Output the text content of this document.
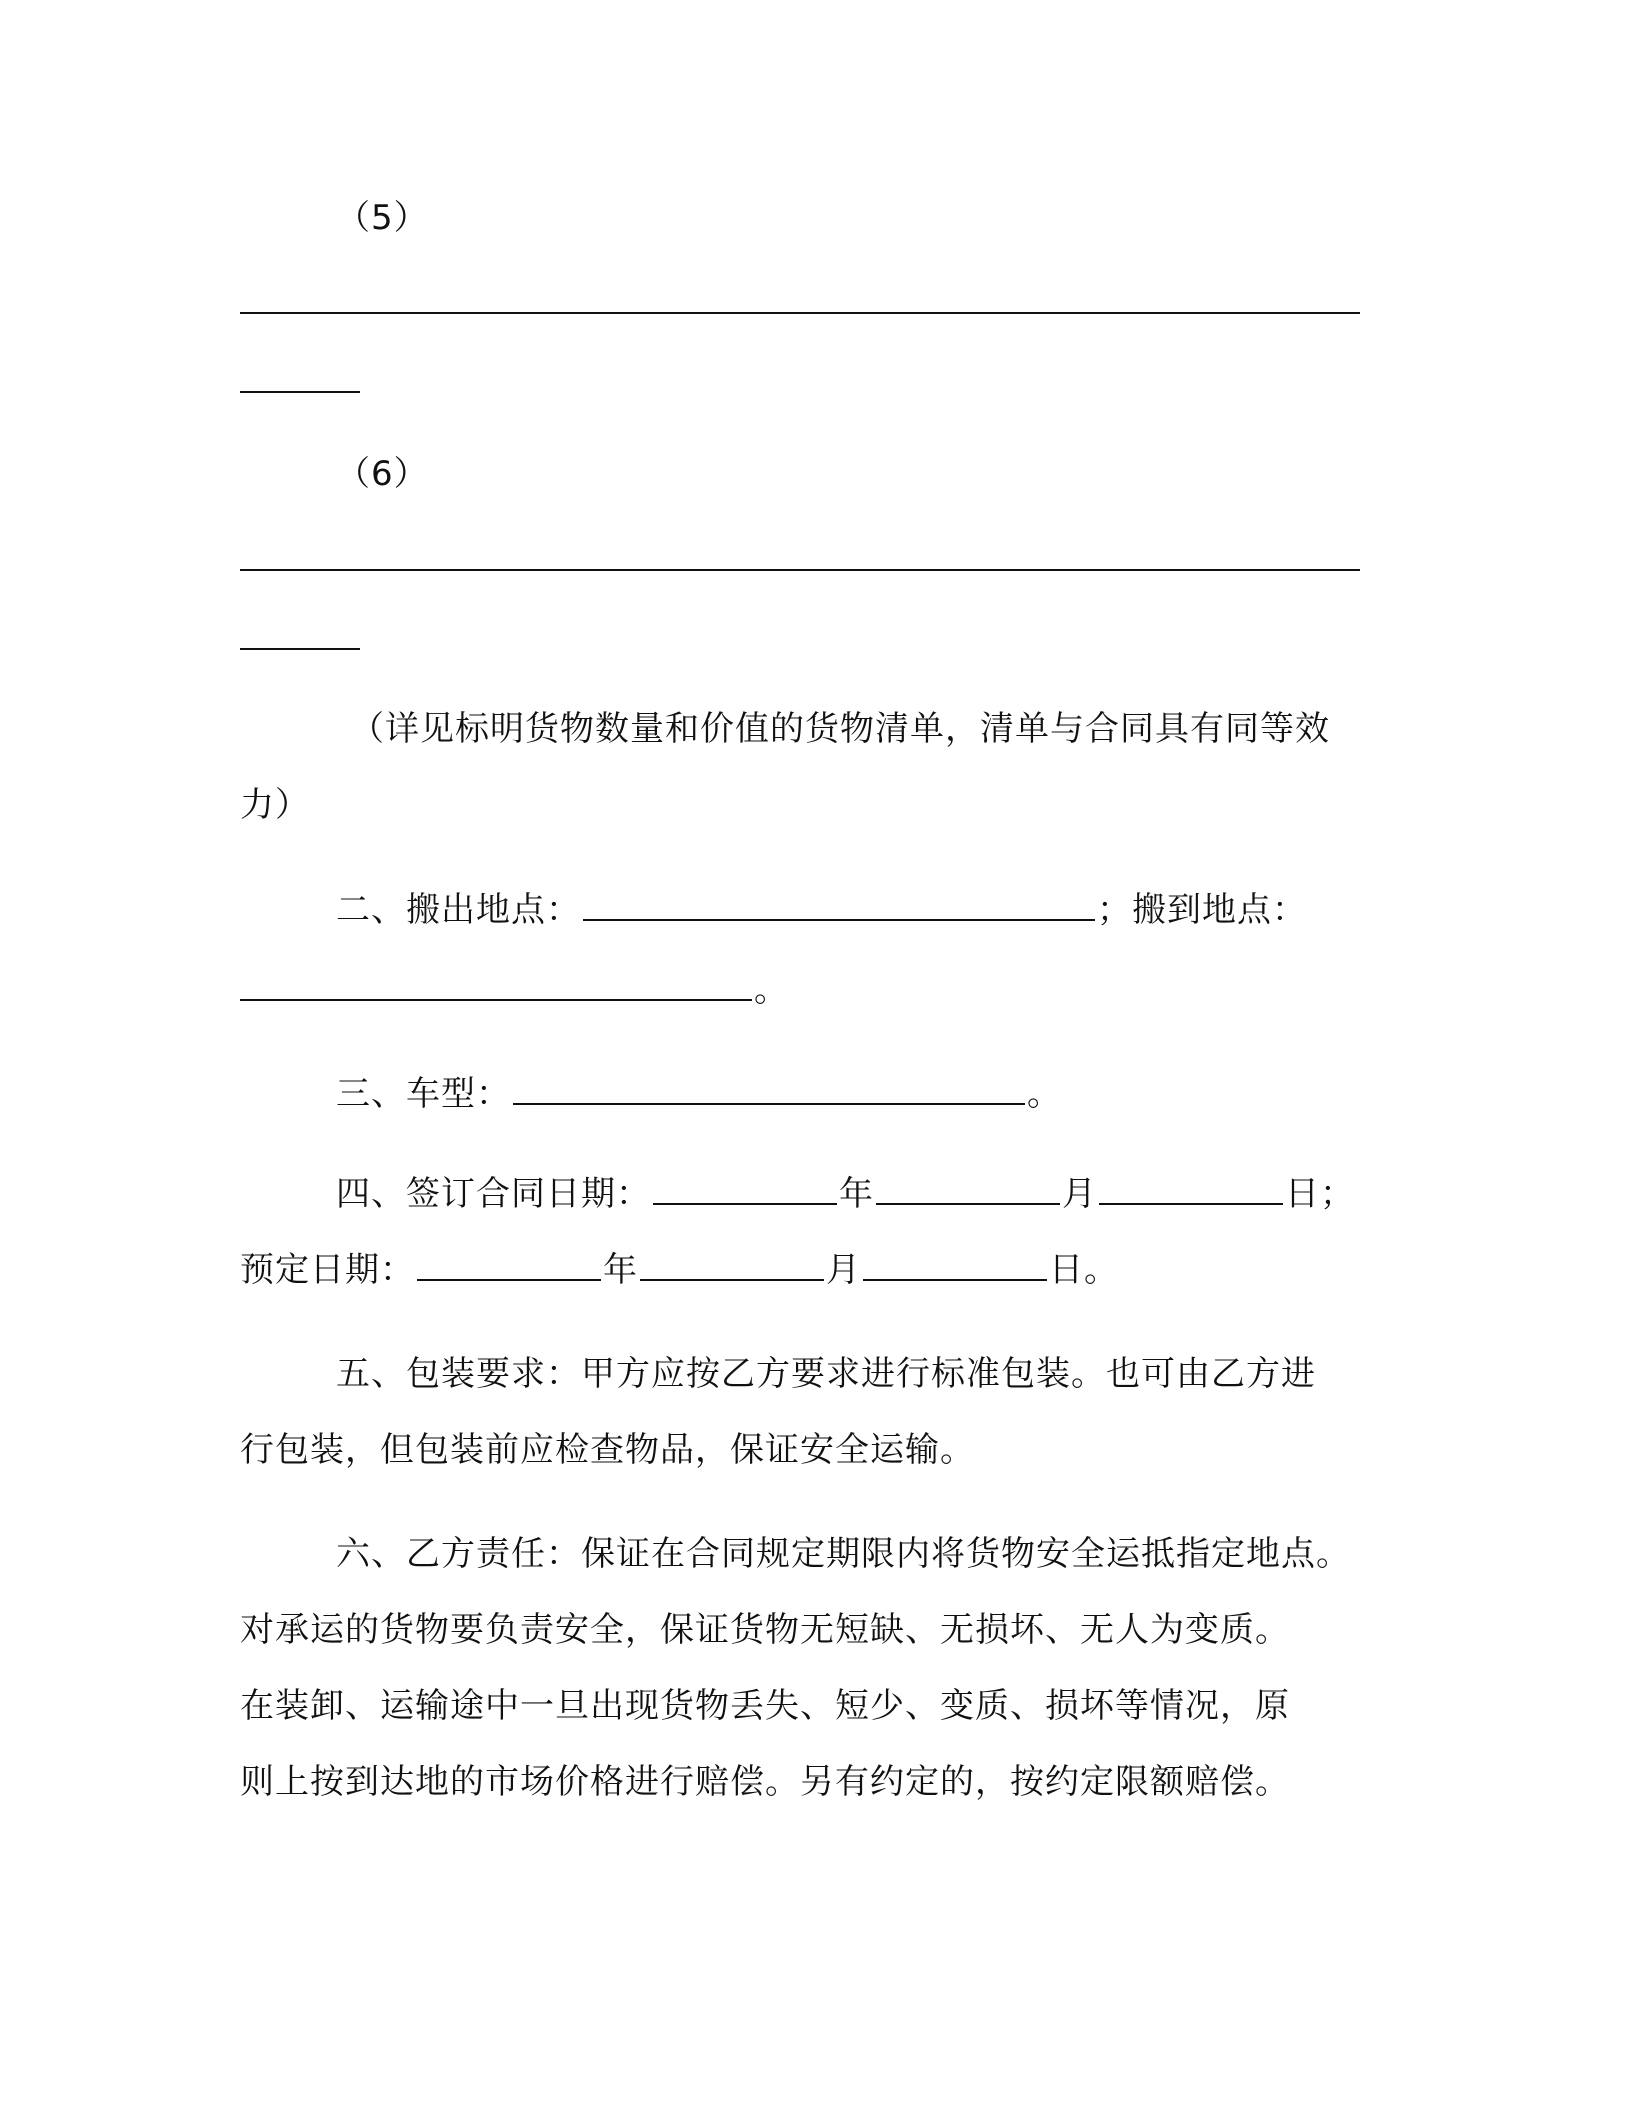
（5）
（6）
（详见标明货物数量和价值的货物清单，清单与合同具有同等效
力）
二、搬出地点：	；搬到地点：
。
三、车型：	。
四、签订合同日期：	年	月	日；
预定日期：	年	月	日。
五、包装要求：甲方应按乙方要求进行标准包装。也可由乙方进
行包装，但包装前应检查物品，保证安全运输。
六、乙方责任：保证在合同规定期限内将货物安全运抵指定地点。
对承运的货物要负责安全，保证货物无短缺、无损坏、无人为变质。
在装卸、运输途中一旦出现货物丢失、短少、变质、损坏等情况，原
则上按到达地的市场价格进行赔偿。另有约定的，按约定限额赔偿。
